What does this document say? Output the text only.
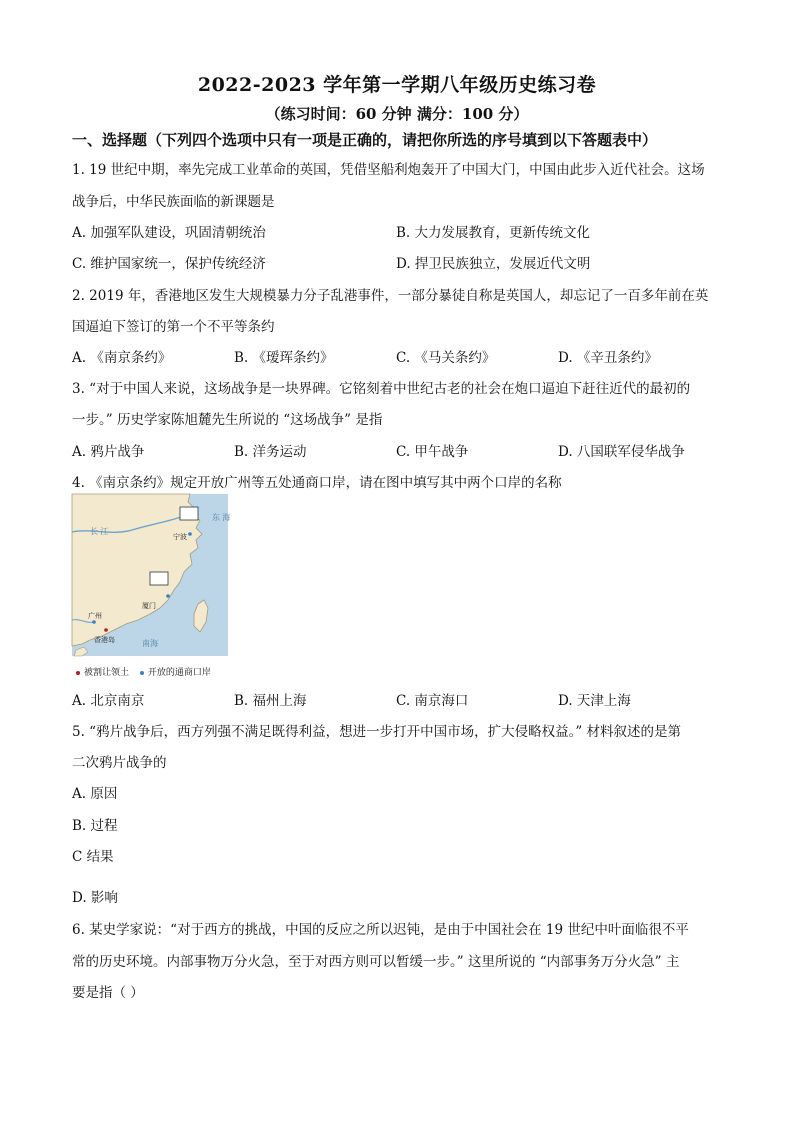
2022-2023 学年第一学期八年级历史练习卷
（练习时间：60 分钟 满分：100 分）
一、选择题（下列四个选项中只有一项是正确的，请把你所选的序号填到以下答题表中）
1. 19 世纪中期，率先完成工业革命的英国，凭借坚船利炮轰开了中国大门，中国由此步入近代社会。这场
战争后，中华民族面临的新课题是
A. 加强军队建设，巩固清朝统治	B. 大力发展教育，更新传统文化
C. 维护国家统一，保护传统经济	D. 捍卫民族独立，发展近代文明
2. 2019 年，香港地区发生大规模暴力分子乱港事件，一部分暴徒自称是英国人，却忘记了一百多年前在英
国逼迫下签订的第一个不平等条约
A. 《南京条约》	B. 《瑷珲条约》	C. 《马关条约》	D. 《辛丑条约》
3. “对于中国人来说，这场战争是一块界碑。它铭刻着中世纪古老的社会在炮口逼迫下赶往近代的最初的
一步。” 历史学家陈旭麓先生所说的 “这场战争” 是指
A. 鸦片战争	B. 洋务运动	C. 甲午战争	D. 八国联军侵华战争
4. 《南京条约》规定开放广州等五处通商口岸，请在图中填写其中两个口岸的名称
长 江
东 海
宁波
厦门
广州
香港岛	南海
被割让领土 开放的通商口岸
A. 北京南京	B. 福州上海	C. 南京海口	D. 天津上海
5. “鸦片战争后，西方列强不满足既得利益，想进一步打开中国市场，扩大侵略权益。” 材料叙述的是第
二次鸦片战争的
A. 原因
B. 过程
C 结果
D. 影响
6. 某史学家说：“对于西方的挑战，中国的反应之所以迟钝，是由于中国社会在 19 世纪中叶面临很不平
常的历史环境。内部事物万分火急，至于对西方则可以暂缓一步。” 这里所说的 “内部事务万分火急” 主
要是指（ ）
